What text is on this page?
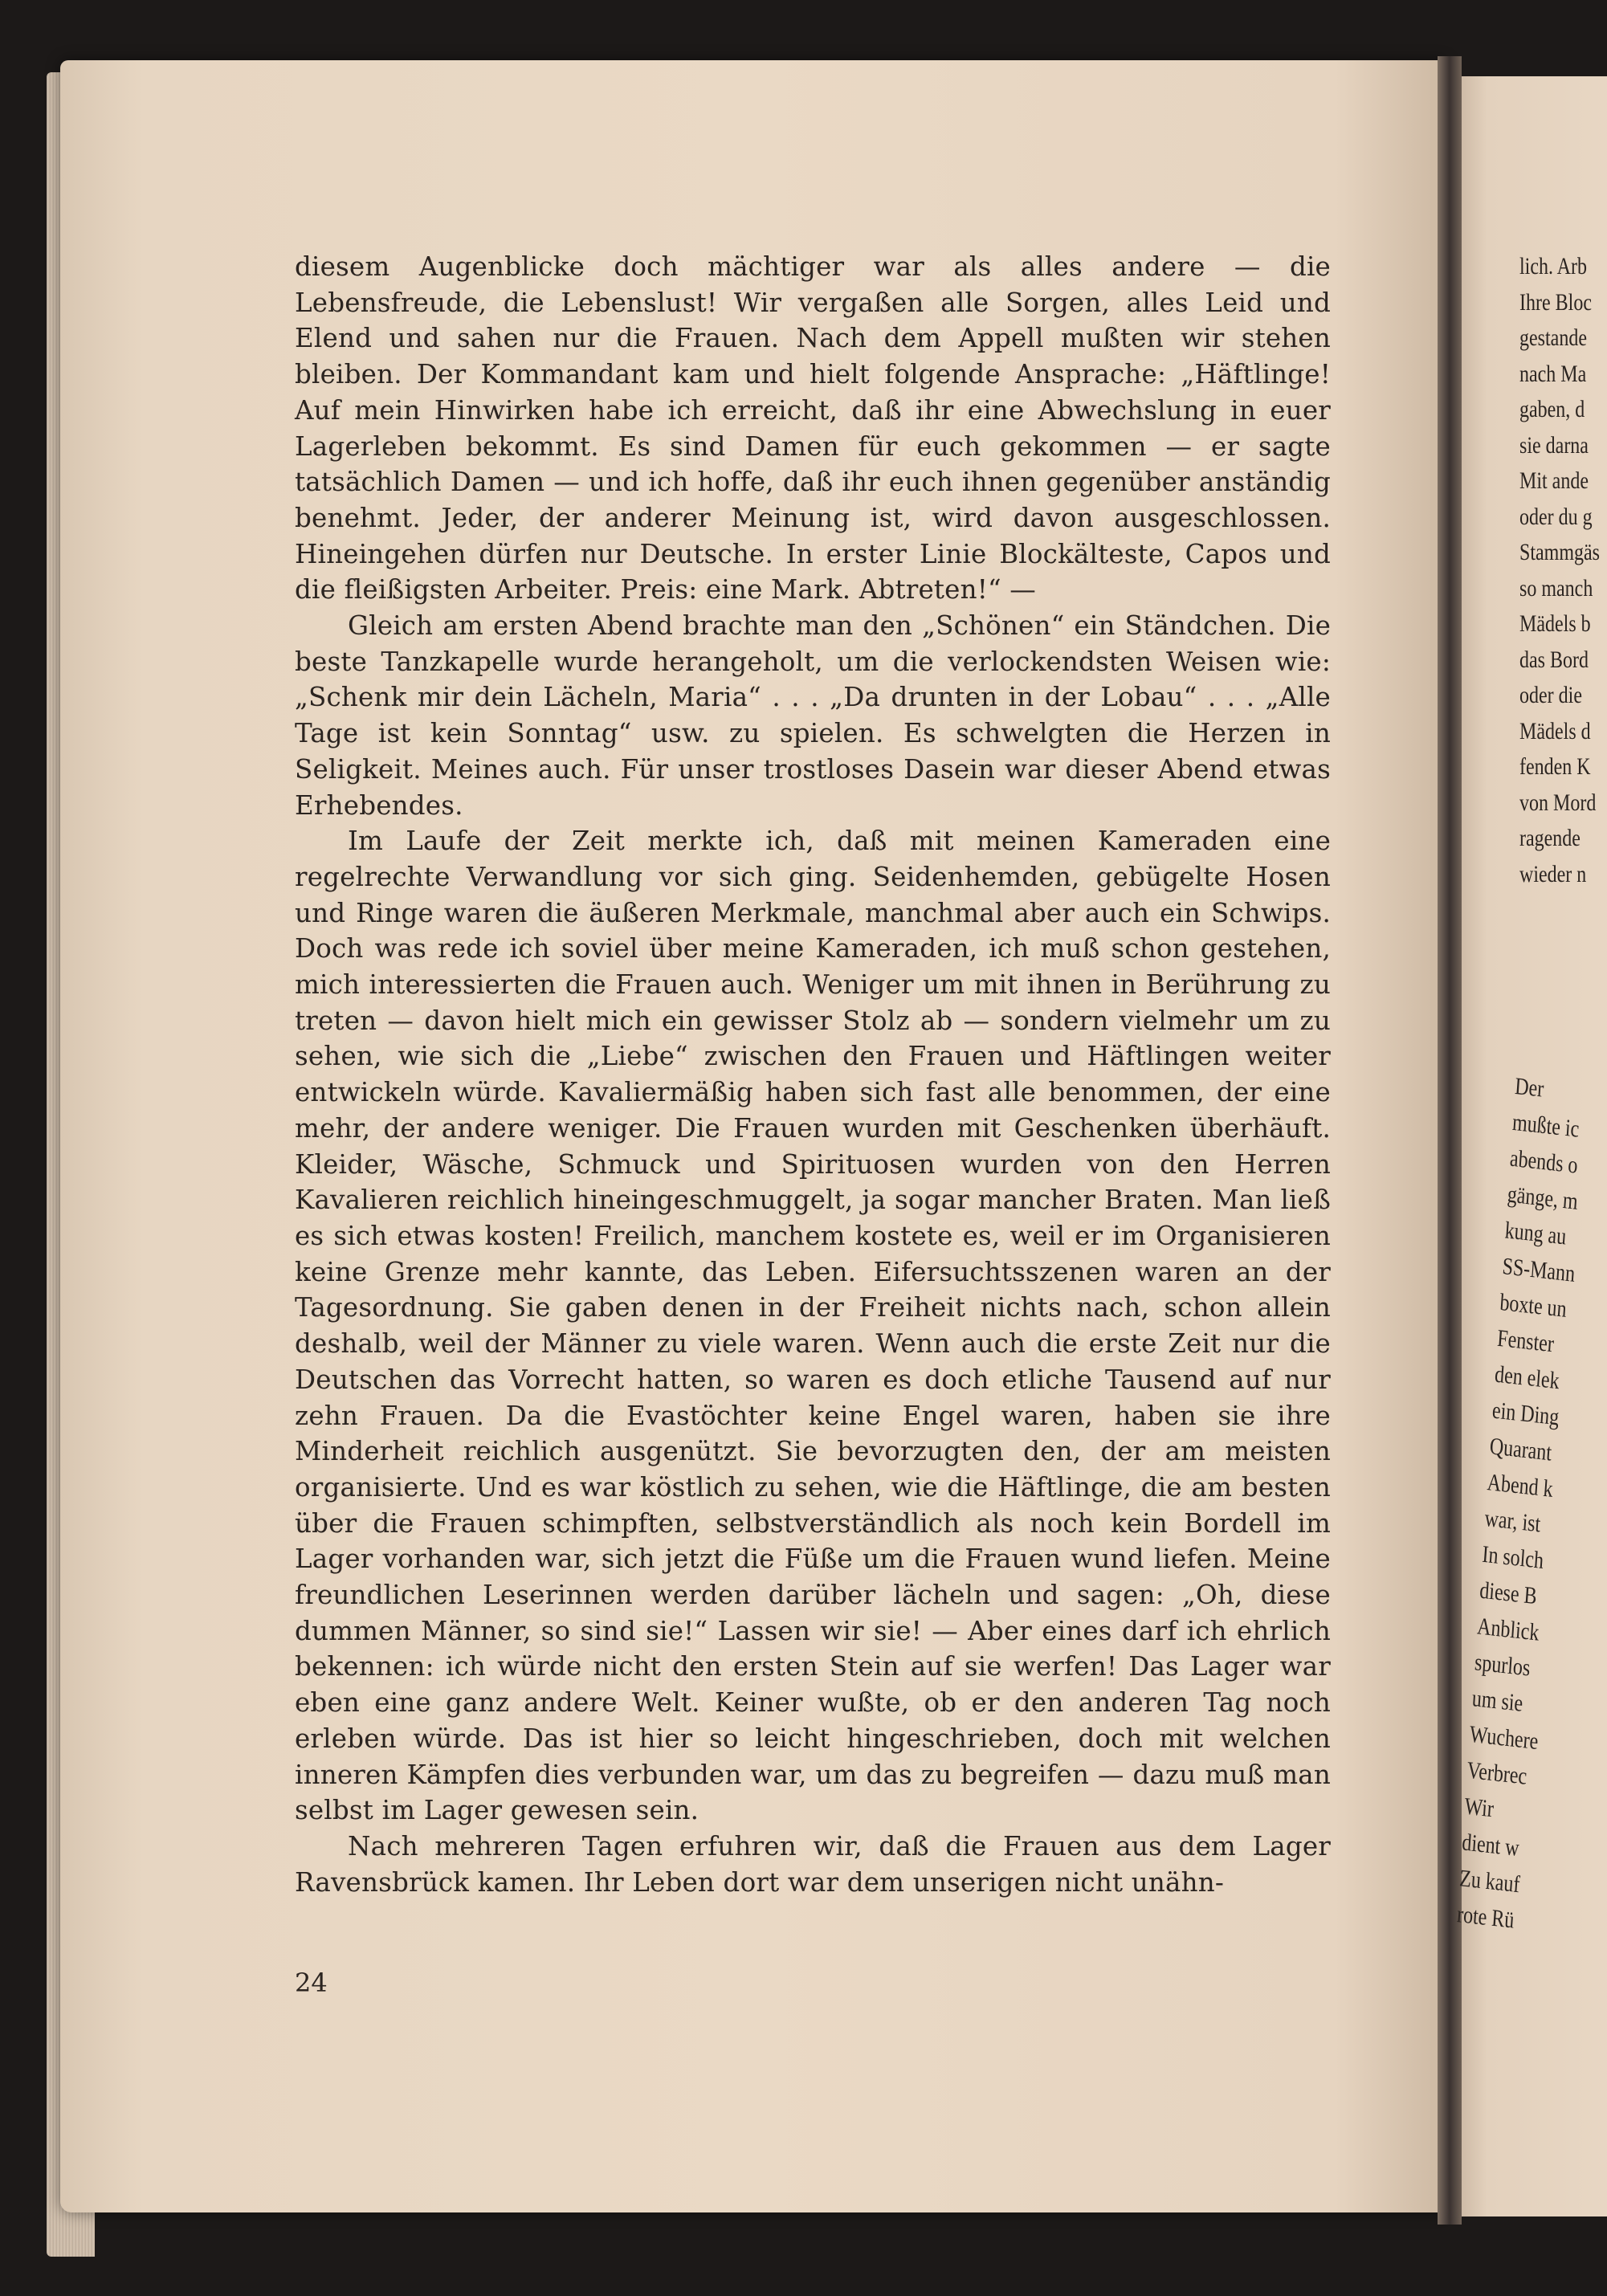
diesem Augenblicke doch mächtiger war als alles andere — die Lebensfreude, die Lebenslust! Wir vergaßen alle Sorgen, alles Leid und Elend und sahen nur die Frauen. Nach dem Appell mußten wir stehen bleiben. Der Kommandant kam und hielt folgende Ansprache: „Häftlinge! Auf mein Hinwirken habe ich erreicht, daß ihr eine Abwechslung in euer Lagerleben bekommt. Es sind Damen für euch gekommen — er sagte tatsächlich Damen — und ich hoffe, daß ihr euch ihnen gegenüber anständig benehmt. Jeder, der anderer Meinung ist, wird davon ausgeschlossen. Hineingehen dürfen nur Deutsche. In erster Linie Blockälteste, Capos und die fleißigsten Arbeiter. Preis: eine Mark. Abtreten!“ —

Gleich am ersten Abend brachte man den „Schönen“ ein Ständchen. Die beste Tanzkapelle wurde herangeholt, um die verlockendsten Weisen wie: „Schenk mir dein Lächeln, Maria“ . . . „Da drunten in der Lobau“ . . . „Alle Tage ist kein Sonntag“ usw. zu spielen. Es schwelgten die Herzen in Seligkeit. Meines auch. Für unser trostloses Dasein war dieser Abend etwas Erhebendes.

Im Laufe der Zeit merkte ich, daß mit meinen Kameraden eine regelrechte Verwandlung vor sich ging. Seidenhemden, gebügelte Hosen und Ringe waren die äußeren Merkmale, manchmal aber auch ein Schwips. Doch was rede ich soviel über meine Kameraden, ich muß schon gestehen, mich interessierten die Frauen auch. Weniger um mit ihnen in Berührung zu treten — davon hielt mich ein gewisser Stolz ab — sondern vielmehr um zu sehen, wie sich die „Liebe“ zwischen den Frauen und Häftlingen weiter entwickeln würde. Kavaliermäßig haben sich fast alle benommen, der eine mehr, der andere weniger. Die Frauen wurden mit Geschenken überhäuft. Kleider, Wäsche, Schmuck und Spirituosen wurden von den Herren Kavalieren reichlich hineingeschmuggelt, ja sogar mancher Braten. Man ließ es sich etwas kosten! Freilich, manchem kostete es, weil er im Organisieren keine Grenze mehr kannte, das Leben. Eifersuchtsszenen waren an der Tagesordnung. Sie gaben denen in der Freiheit nichts nach, schon allein deshalb, weil der Männer zu viele waren. Wenn auch die erste Zeit nur die Deutschen das Vorrecht hatten, so waren es doch etliche Tausend auf nur zehn Frauen. Da die Evastöchter keine Engel waren, haben sie ihre Minderheit reichlich ausgenützt. Sie bevorzugten den, der am meisten organisierte. Und es war köstlich zu sehen, wie die Häftlinge, die am besten über die Frauen schimpften, selbstverständlich als noch kein Bordell im Lager vorhanden war, sich jetzt die Füße um die Frauen wund liefen. Meine freundlichen Leserinnen werden darüber lächeln und sagen: „Oh, diese dummen Männer, so sind sie!“ Lassen wir sie! — Aber eines darf ich ehrlich bekennen: ich würde nicht den ersten Stein auf sie werfen! Das Lager war eben eine ganz andere Welt. Keiner wußte, ob er den anderen Tag noch erleben würde. Das ist hier so leicht hingeschrieben, doch mit welchen inneren Kämpfen dies verbunden war, um das zu begreifen — dazu muß man selbst im Lager gewesen sein.

Nach mehreren Tagen erfuhren wir, daß die Frauen aus dem Lager Ravensbrück kamen. Ihr Leben dort war dem unserigen nicht unähn-

24
lich. Arb
Ihre Bloc
gestande
nach Ma
gaben, d
sie darna
Mit ande
oder du g
Stammgäs
so manch
Mädels b
das Bord
oder die
Mädels d
fenden K
von Mord
ragende
wieder n
Der
mußte ic
abends o
gänge, m
kung au
SS-Mann
boxte un
Fenster
den elek
ein Ding
Quarant
Abend k
war, ist
In solch
diese B
Anblick
spurlos
um sie
Wuchere
Verbrec
Wir
dient w
Zu kauf
rote Rü
